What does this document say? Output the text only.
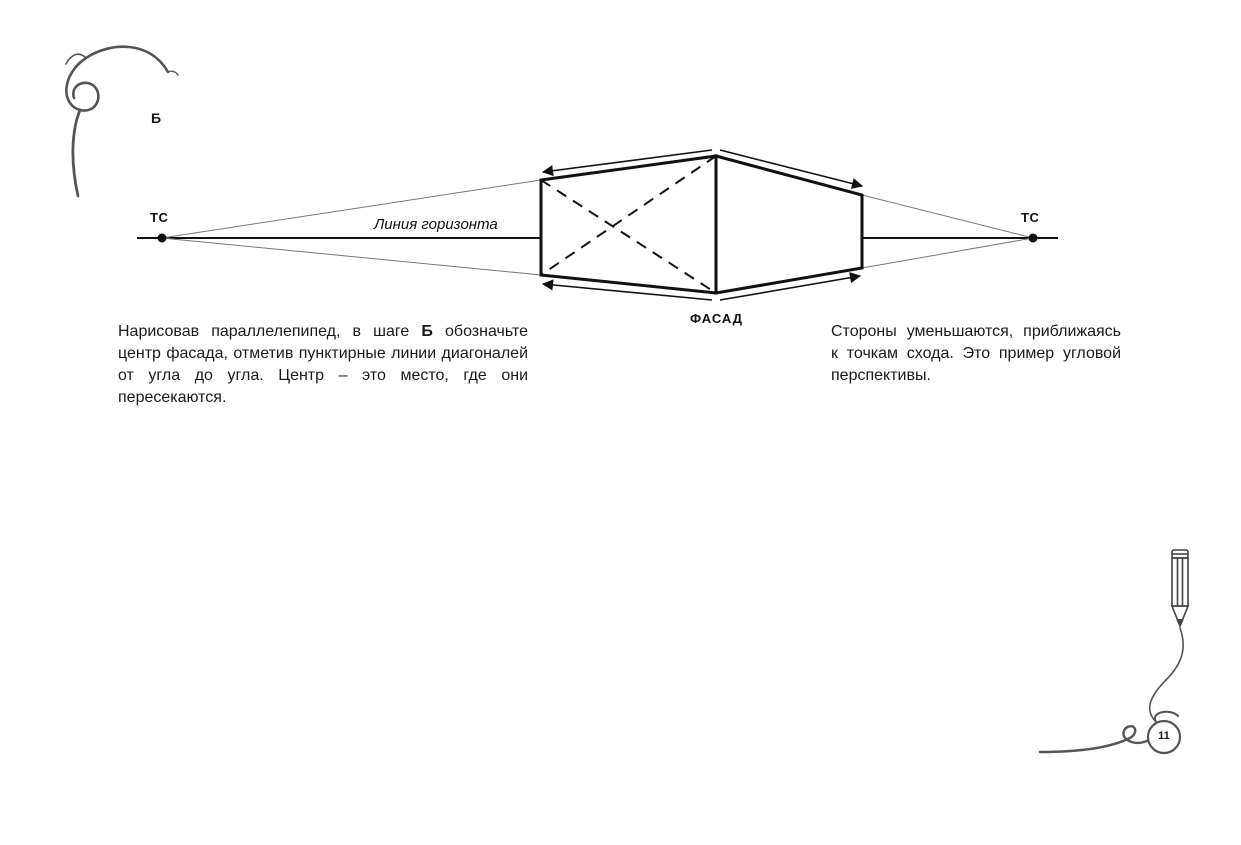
Б
ТС	ТС
Линия горизонта
ФАСАД
Нарисовав параллелепипед, в шаге Б обозначьте центр фасада, отметив пунктирные линии диагоналей от угла до угла. Центр – это место, где они пересекаются.
Стороны уменьшаются, приближаясь к точкам схода. Это пример угловой перспективы.
11
